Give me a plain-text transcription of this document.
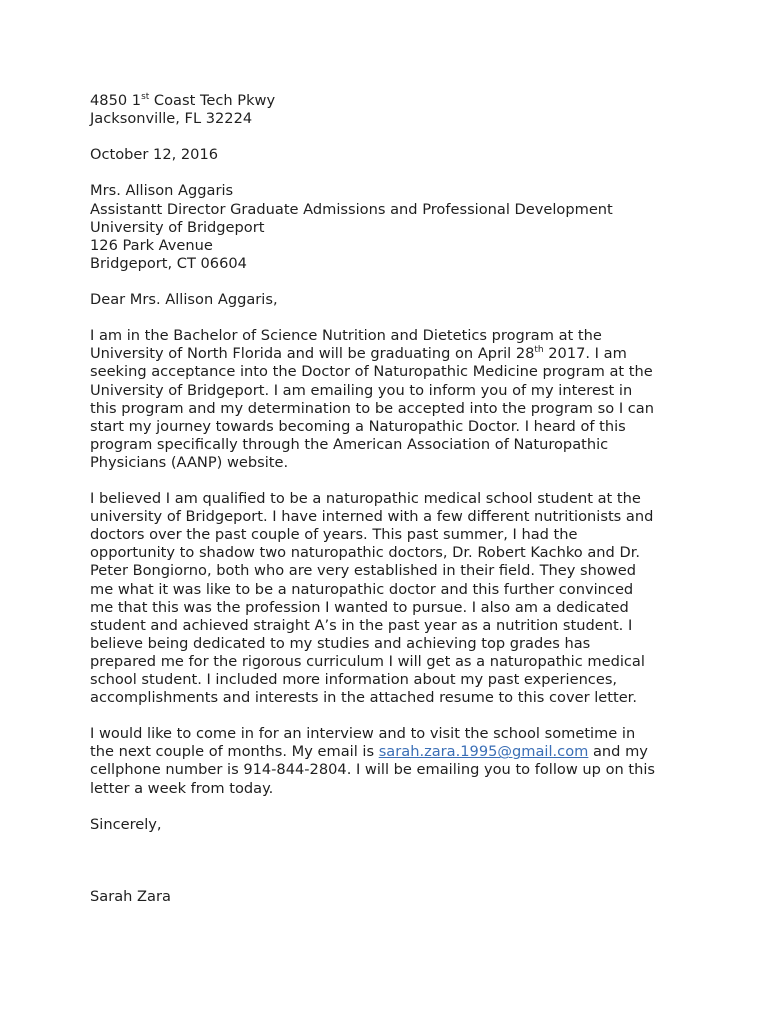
4850 1st Coast Tech Pkwy
Jacksonville, FL 32224
October 12, 2016
Mrs. Allison Aggaris
Assistantt Director Graduate Admissions and Professional Development
University of Bridgeport
126 Park Avenue
Bridgeport, CT 06604
Dear Mrs. Allison Aggaris,
I am in the Bachelor of Science Nutrition and Dietetics program at the
University of North Florida and will be graduating on April 28th 2017. I am
seeking acceptance into the Doctor of Naturopathic Medicine program at the
University of Bridgeport. I am emailing you to inform you of my interest in
this program and my determination to be accepted into the program so I can
start my journey towards becoming a Naturopathic Doctor. I heard of this
program specifically through the American Association of Naturopathic
Physicians (AANP) website.
I believed I am qualified to be a naturopathic medical school student at the
university of Bridgeport. I have interned with a few different nutritionists and
doctors over the past couple of years. This past summer, I had the
opportunity to shadow two naturopathic doctors, Dr. Robert Kachko and Dr.
Peter Bongiorno, both who are very established in their field. They showed
me what it was like to be a naturopathic doctor and this further convinced
me that this was the profession I wanted to pursue. I also am a dedicated
student and achieved straight A’s in the past year as a nutrition student. I
believe being dedicated to my studies and achieving top grades has
prepared me for the rigorous curriculum I will get as a naturopathic medical
school student. I included more information about my past experiences,
accomplishments and interests in the attached resume to this cover letter.
I would like to come in for an interview and to visit the school sometime in
the next couple of months. My email is sarah.zara.1995@gmail.com and my
cellphone number is 914-844-2804. I will be emailing you to follow up on this
letter a week from today.
Sincerely,
Sarah Zara
